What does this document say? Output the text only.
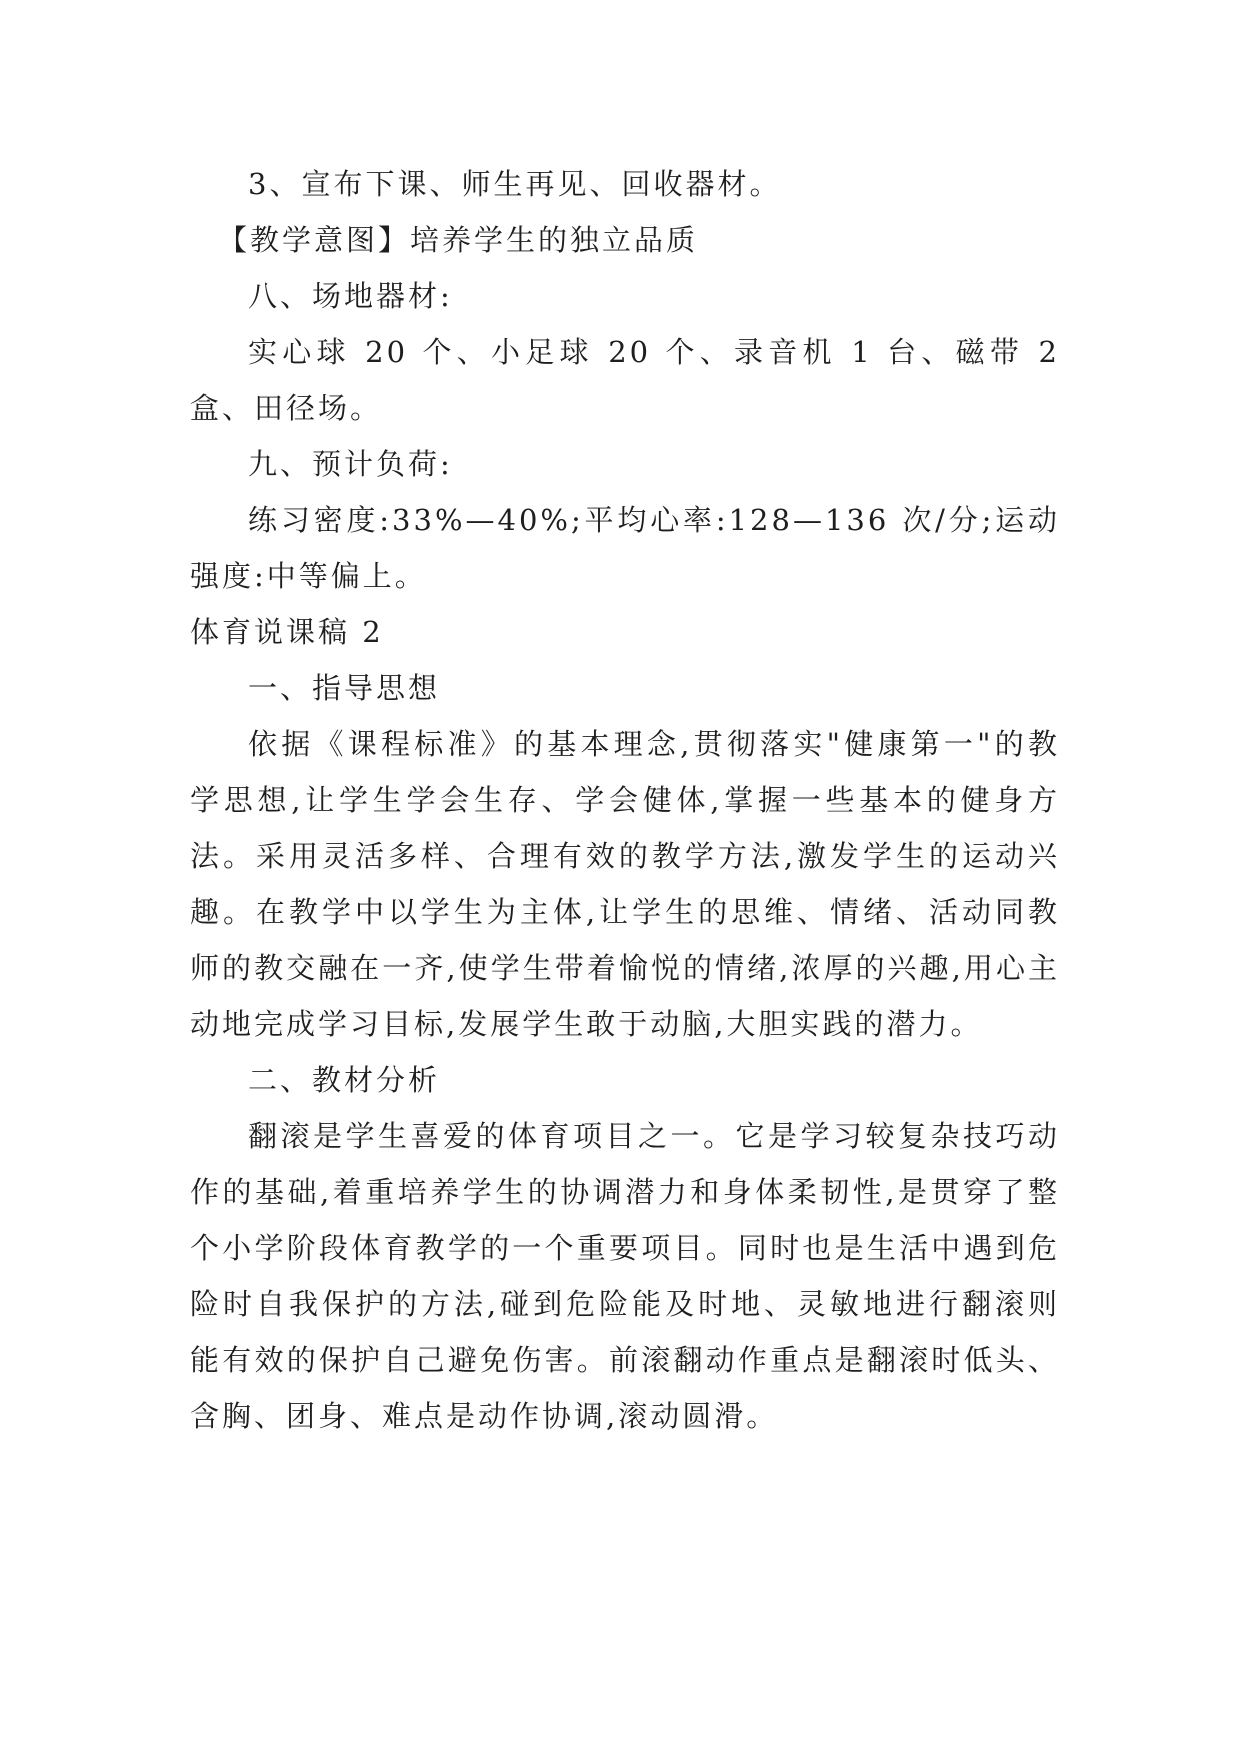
3、宣布下课、师生再见、回收器材。

【教学意图】培养学生的独立品质

八、场地器材:

实心球 20 个、小足球 20 个、录音机 1 台、磁带 2 盒、田径场。

九、预计负荷:

练习密度:33%—40%;平均心率:128—136 次/分;运动强度:中等偏上。

体育说课稿 2

一、指导思想

依据《课程标准》的基本理念,贯彻落实"健康第一"的教学思想,让学生学会生存、学会健体,掌握一些基本的健身方法。采用灵活多样、合理有效的教学方法,激发学生的运动兴趣。在教学中以学生为主体,让学生的思维、情绪、活动同教师的教交融在一齐,使学生带着愉悦的情绪,浓厚的兴趣,用心主动地完成学习目标,发展学生敢于动脑,大胆实践的潜力。

二、教材分析

翻滚是学生喜爱的体育项目之一。它是学习较复杂技巧动作的基础,着重培养学生的协调潜力和身体柔韧性,是贯穿了整个小学阶段体育教学的一个重要项目。同时也是生活中遇到危险时自我保护的方法,碰到危险能及时地、灵敏地进行翻滚则能有效的保护自己避免伤害。前滚翻动作重点是翻滚时低头、含胸、团身、难点是动作协调,滚动圆滑。
